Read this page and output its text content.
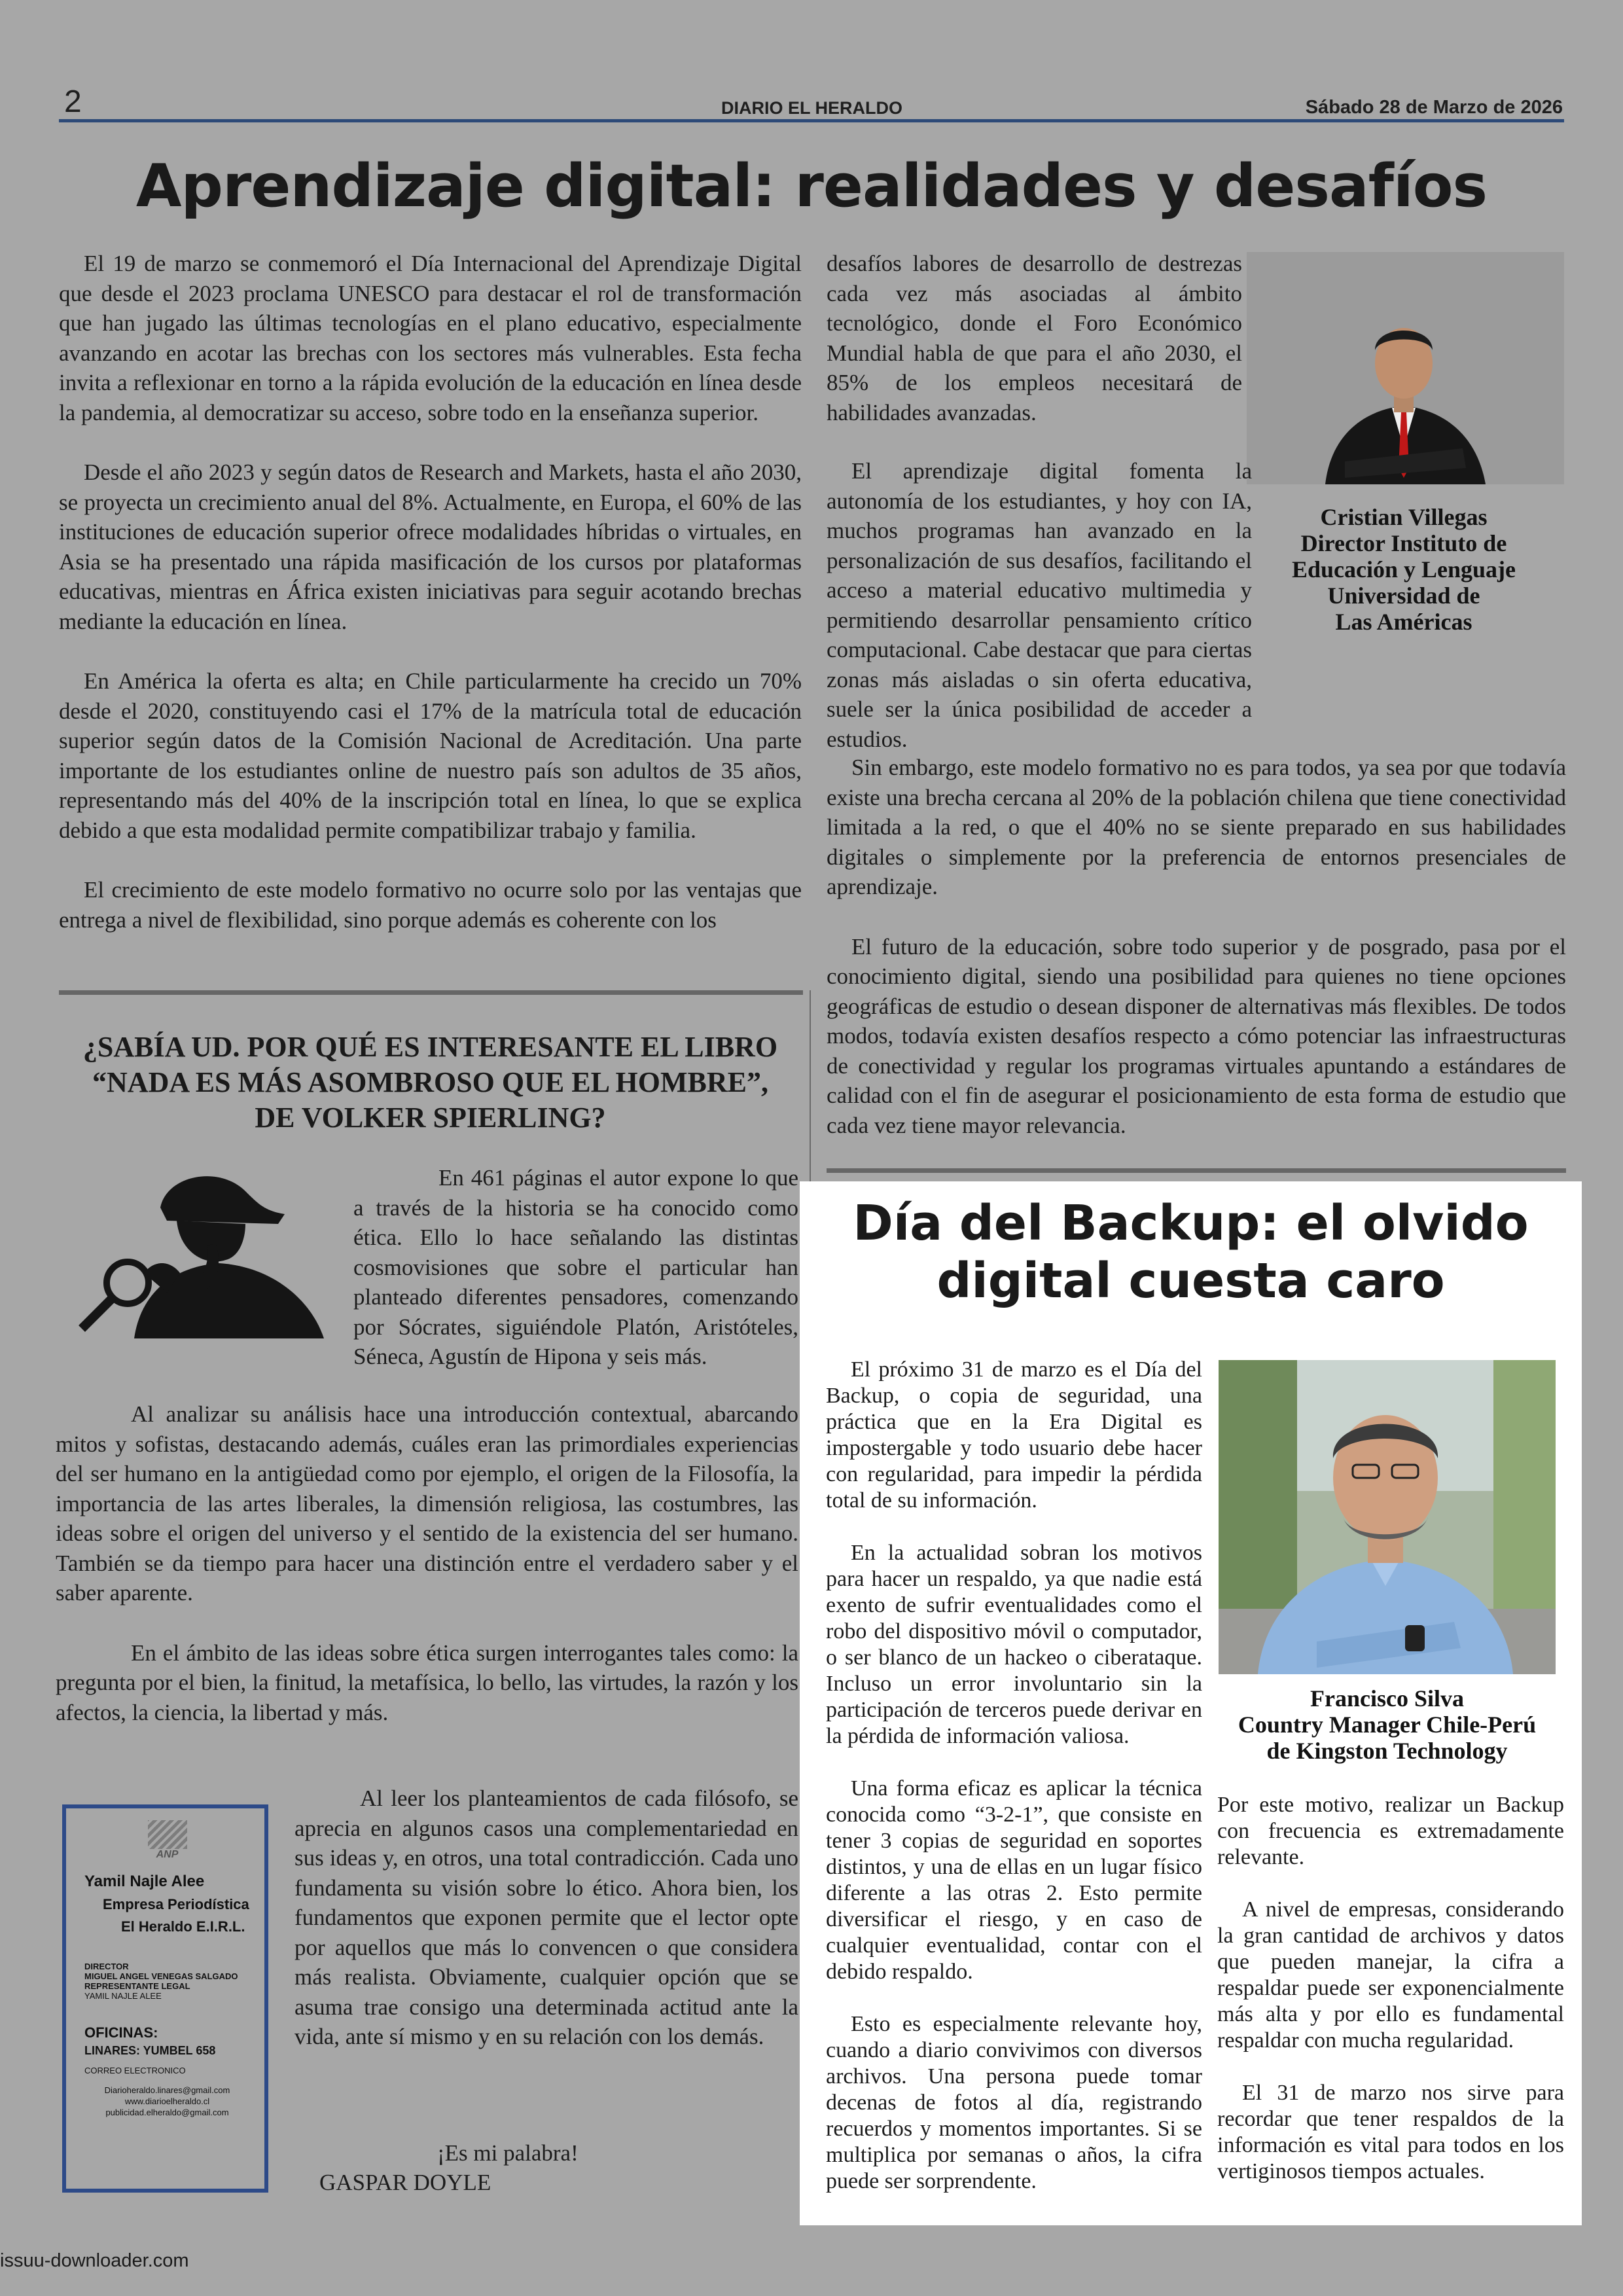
2	DIARIO EL HERALDO	Sábado 28 de Marzo de 2026
Aprendizaje digital: realidades y desafíos

El 19 de marzo se conmemoró el Día Internacional del Aprendizaje Digital que desde el 2023 proclama UNESCO para destacar el rol de transformación que han jugado las últimas tecnologías en el plano educativo, especialmente avanzando en acotar las brechas con los sectores más vulnerables. Esta fecha invita a reflexionar en torno a la rápida evolución de la educación en línea desde la pandemia, al democratizar su acceso, sobre todo en la enseñanza superior.

Desde el año 2023 y según datos de Research and Markets, hasta el año 2030, se proyecta un crecimiento anual del 8%. Actualmente, en Europa, el 60% de las instituciones de educación superior ofrece modalidades híbridas o virtuales, en Asia se ha presentado una rápida masificación de los cursos por plataformas educativas, mientras en África existen iniciativas para seguir acotando brechas mediante la educación en línea.

En América la oferta es alta; en Chile particularmente ha crecido un 70% desde el 2020, constituyendo casi el 17% de la matrícula total de educación superior según datos de la Comisión Nacional de Acreditación. Una parte importante de los estudiantes online de nuestro país son adultos de 35 años, representando más del 40% de la inscripción total en línea, lo que se explica debido a que esta modalidad permite compatibilizar trabajo y familia.

El crecimiento de este modelo formativo no ocurre solo por las ventajas que entrega a nivel de flexibilidad, sino porque además es coherente con los

desafíos labores de desarrollo de destrezas cada vez más asociadas al ámbito tecnológico, donde el Foro Económico Mundial habla de que para el año 2030, el 85% de los empleos necesitará de habilidades avanzadas.

El aprendizaje digital fomenta la autonomía de los estudiantes, y hoy con IA, muchos programas han avanzado en la personalización de sus desafíos, facilitando el acceso a material educativo multimedia y permitiendo desarrollar pensamiento crítico computacional. Cabe destacar que para ciertas zonas más aisladas o sin oferta educativa, suele ser la única posibilidad de acceder a estudios.

Cristian Villegas
Director Instituto de
Educación y Lenguaje
Universidad de
Las Américas

Sin embargo, este modelo formativo no es para todos, ya sea por que todavía existe una brecha cercana al 20% de la población chilena que tiene conectividad limitada a la red, o que el 40% no se siente preparado en sus habilidades digitales o simplemente por la preferencia de entornos presenciales de aprendizaje.

El futuro de la educación, sobre todo superior y de posgrado, pasa por el conocimiento digital, siendo una posibilidad para quienes no tiene opciones geográficas de estudio o desean disponer de alternativas más flexibles. De todos modos, todavía existen desafíos respecto a cómo potenciar las infraestructuras de conectividad y regular los programas virtuales apuntando a estándares de calidad con el fin de asegurar el posicionamiento de esta forma de estudio que cada vez tiene mayor relevancia.

¿SABÍA UD. POR QUÉ ES INTERESANTE EL LIBRO
“NADA ES MÁS ASOMBROSO QUE EL HOMBRE”,
DE VOLKER SPIERLING?

En 461 páginas el autor expone lo que a través de la historia se ha conocido como ética. Ello lo hace señalando las distintas cosmovisiones que sobre el particular han planteado diferentes pensadores, comenzando por Sócrates, siguiéndole Platón, Aristóteles, Séneca, Agustín de Hipona y seis más.

Al analizar su análisis hace una introducción contextual, abarcando mitos y sofistas, destacando además, cuáles eran las primordiales experiencias del ser humano en la antigüedad como por ejemplo, el origen de la Filosofía, la importancia de las artes liberales, la dimensión religiosa, las costumbres, las ideas sobre el origen del universo y el sentido de la existencia del ser humano. También se da tiempo para hacer una distinción entre el verdadero saber y el saber aparente.

En el ámbito de las ideas sobre ética surgen interrogantes tales como: la pregunta por el bien, la finitud, la metafísica, lo bello, las virtudes, la razón y los afectos, la ciencia, la libertad y más.

Al leer los planteamientos de cada filósofo, se aprecia en algunos casos una complementariedad en sus ideas y, en otros, una total contradicción. Cada uno fundamenta su visión sobre lo ético. Ahora bien, los fundamentos que exponen permite que el lector opte por aquellos que más lo convencen o que considera más realista. Obviamente, cualquier opción que se asuma trae consigo una determinada actitud ante la vida, ante sí mismo y en su relación con los demás.

¡Es mi palabra!
GASPAR DOYLE
ANP
Yamil Najle Alee
Empresa Periodística
El Heraldo E.I.R.L.
DIRECTOR
MIGUEL ANGEL VENEGAS SALGADO
REPRESENTANTE LEGAL
YAMIL NAJLE ALEE
OFICINAS:
LINARES: YUMBEL 658
CORREO ELECTRONICO
Diarioheraldo.linares@gmail.com
www.diarioelheraldo.cl
publicidad.elheraldo@gmail.com
Día del Backup: el olvido
digital cuesta caro

El próximo 31 de marzo es el Día del Backup, o copia de seguridad, una práctica que en la Era Digital es impostergable y todo usuario debe hacer con regularidad, para impedir la pérdida total de su información.

En la actualidad sobran los motivos para hacer un respaldo, ya que nadie está exento de sufrir eventualidades como el robo del dispositivo móvil o computador, o ser blanco de un hackeo o ciberataque. Incluso un error involuntario sin la participación de terceros puede derivar en la pérdida de información valiosa.

Una forma eficaz es aplicar la técnica conocida como “3-2-1”, que consiste en tener 3 copias de seguridad en soportes distintos, y una de ellas en un lugar físico diferente a las otras 2. Esto permite diversificar el riesgo, y en caso de cualquier eventualidad, contar con el debido respaldo.

Esto es especialmente relevante hoy, cuando a diario convivimos con diversos archivos. Una persona puede tomar decenas de fotos al día, registrando recuerdos y momentos importantes. Si se multiplica por semanas o años, la cifra puede ser sorprendente.

Francisco Silva
Country Manager Chile-Perú
de Kingston Technology

Por este motivo, realizar un Backup con frecuencia es extremadamente relevante.

A nivel de empresas, considerando la gran cantidad de archivos y datos que pueden manejar, la cifra a respaldar puede ser exponencialmente más alta y por ello es fundamental respaldar con mucha regularidad.

El 31 de marzo nos sirve para recordar que tener respaldos de la información es vital para todos en los vertiginosos tiempos actuales.

issuu-downloader.com
